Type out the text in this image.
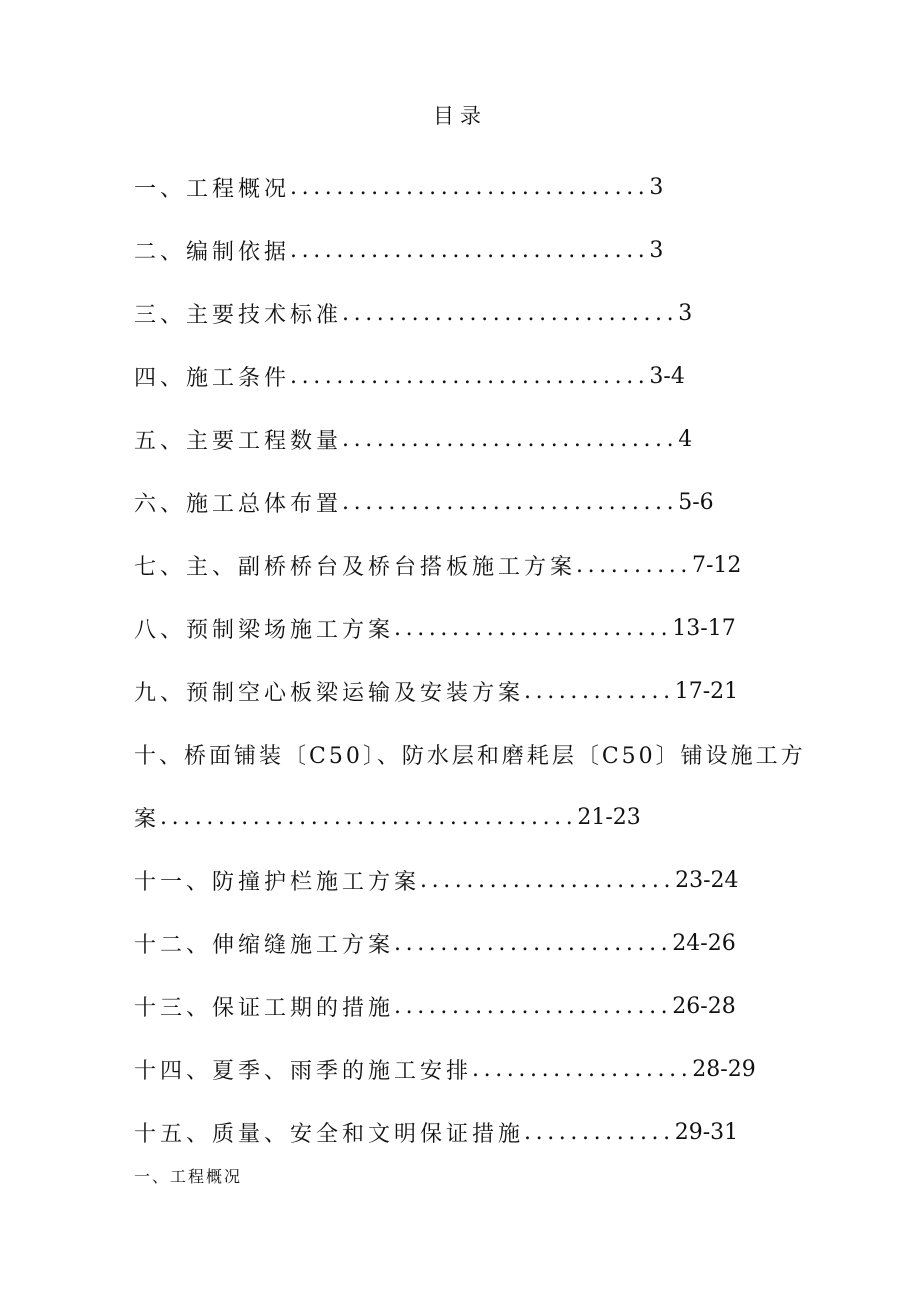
目录
一、工程概况 ............................... 3
二、编制依据 ............................... 3
三、主要技术标准 ............................. 3
四、施工条件 ............................... 3-4
五、主要工程数量 ............................. 4
六、施工总体布置 ............................. 5-6
七、主、副桥桥台及桥台搭板施工方案 .......... 7-12
八、预制梁场施工方案 ........................ 13-17
九、预制空心板梁运输及安装方案 ............. 17-21
十、桥面铺装〔C50〕、防水层和磨耗层〔C50〕铺设施工方
案 .................................... 21-23
十一、防撞护栏施工方案 ...................... 23-24
十二、伸缩缝施工方案 ........................ 24-26
十三、保证工期的措施 ........................ 26-28
十四、夏季、雨季的施工安排 ................... 28-29
十五、质量、安全和文明保证措施 ............. 29-31
一、工程概况
